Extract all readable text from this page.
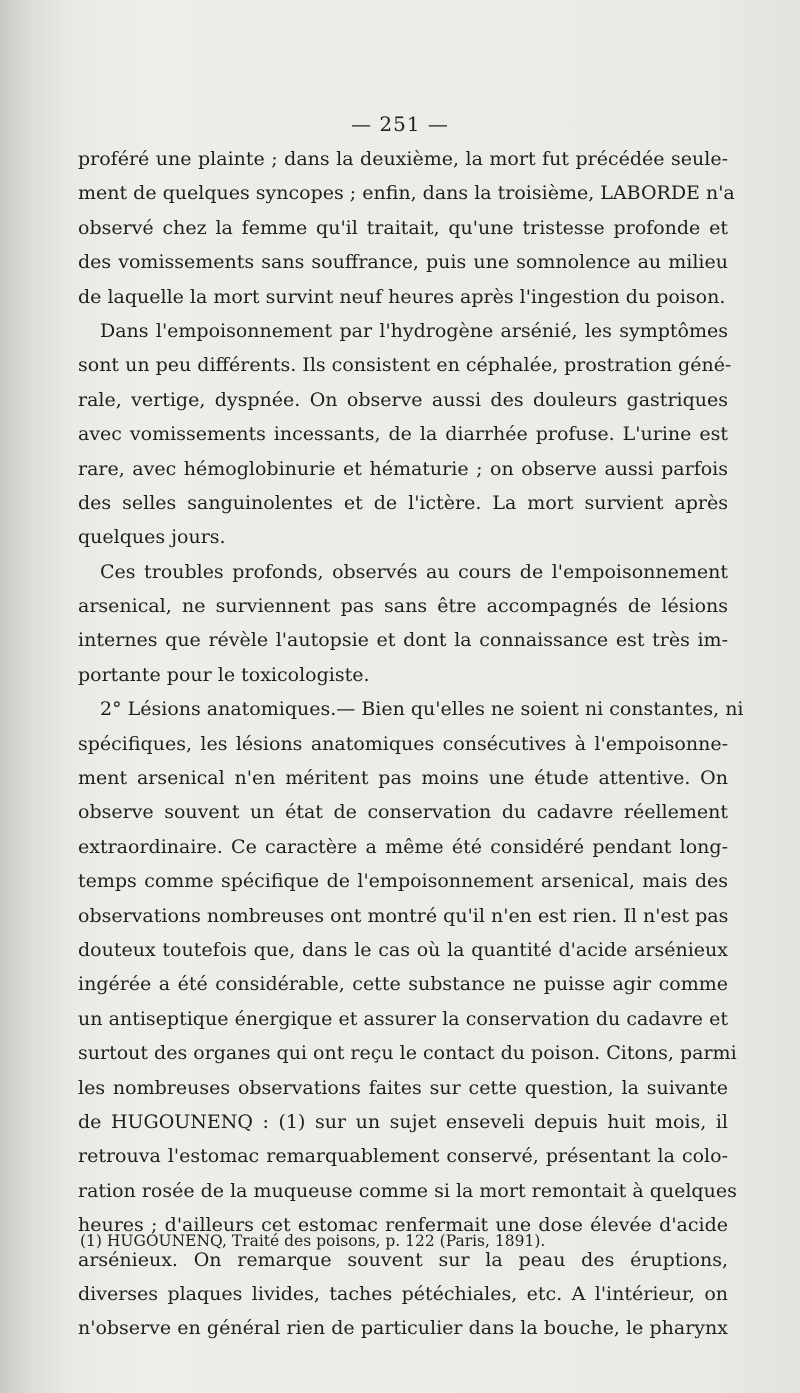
— 251 —
proféré une plainte ; dans la deuxième, la mort fut précédée seule-
ment de quelques syncopes ; enfin, dans la troisième, LABORDE n'a
observé chez la femme qu'il traitait, qu'une tristesse profonde et
des vomissements sans souffrance, puis une somnolence au milieu
de laquelle la mort survint neuf heures après l'ingestion du poison.
Dans l'empoisonnement par l'hydrogène arsénié, les symptômes
sont un peu différents. Ils consistent en céphalée, prostration géné-
rale, vertige, dyspnée. On observe aussi des douleurs gastriques
avec vomissements incessants, de la diarrhée profuse. L'urine est
rare, avec hémoglobinurie et hématurie ; on observe aussi parfois
des selles sanguinolentes et de l'ictère. La mort survient après
quelques jours.
Ces troubles profonds, observés au cours de l'empoisonnement
arsenical, ne surviennent pas sans être accompagnés de lésions
internes que révèle l'autopsie et dont la connaissance est très im-
portante pour le toxicologiste.
2° Lésions anatomiques.— Bien qu'elles ne soient ni constantes, ni
spécifiques, les lésions anatomiques consécutives à l'empoisonne-
ment arsenical n'en méritent pas moins une étude attentive. On
observe souvent un état de conservation du cadavre réellement
extraordinaire. Ce caractère a même été considéré pendant long-
temps comme spécifique de l'empoisonnement arsenical, mais des
observations nombreuses ont montré qu'il n'en est rien. Il n'est pas
douteux toutefois que, dans le cas où la quantité d'acide arsénieux
ingérée a été considérable, cette substance ne puisse agir comme
un antiseptique énergique et assurer la conservation du cadavre et
surtout des organes qui ont reçu le contact du poison. Citons, parmi
les nombreuses observations faites sur cette question, la suivante
de HUGOUNENQ : (1) sur un sujet enseveli depuis huit mois, il
retrouva l'estomac remarquablement conservé, présentant la colo-
ration rosée de la muqueuse comme si la mort remontait à quelques
heures ; d'ailleurs cet estomac renfermait une dose élevée d'acide
arsénieux. On remarque souvent sur la peau des éruptions,
diverses plaques livides, taches pétéchiales, etc. A l'intérieur, on
n'observe en général rien de particulier dans la bouche, le pharynx
(1) HUGOUNENQ, Traité des poisons, p. 122 (Paris, 1891).
